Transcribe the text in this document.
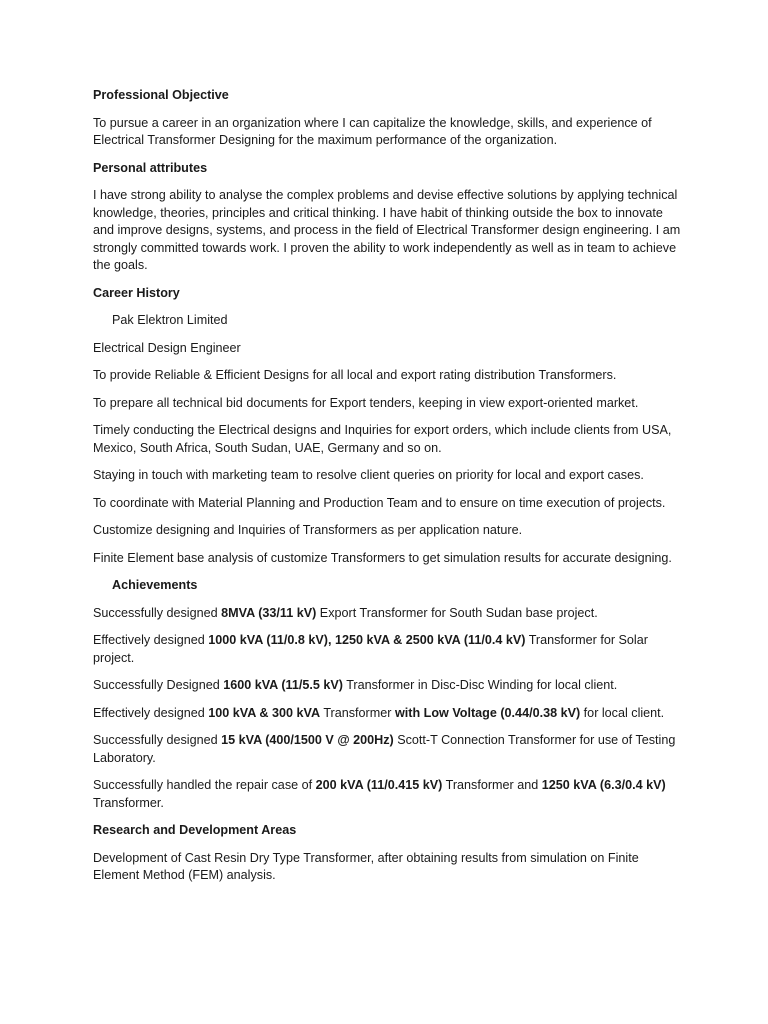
Professional Objective

To pursue a career in an organization where I can capitalize the knowledge, skills, and experience of Electrical Transformer Designing for the maximum performance of the organization.

Personal attributes

I have strong ability to analyse the complex problems and devise effective solutions by applying technical knowledge, theories, principles and critical thinking. I have habit of thinking outside the box to innovate and improve designs, systems, and process in the field of Electrical Transformer design engineering. I am strongly committed towards work. I proven the ability to work independently as well as in team to achieve the goals.

Career History

Pak Elektron Limited

Electrical Design Engineer

To provide Reliable & Efficient Designs for all local and export rating distribution Transformers.

To prepare all technical bid documents for Export tenders, keeping in view export-oriented market.

Timely conducting the Electrical designs and Inquiries for export orders, which include clients from USA, Mexico, South Africa, South Sudan, UAE, Germany and so on.

Staying in touch with marketing team to resolve client queries on priority for local and export cases.

To coordinate with Material Planning and Production Team and to ensure on time execution of projects.

Customize designing and Inquiries of Transformers as per application nature.

Finite Element base analysis of customize Transformers to get simulation results for accurate designing.

Achievements

Successfully designed 8MVA (33/11 kV) Export Transformer for South Sudan base project.

Effectively designed 1000 kVA (11/0.8 kV), 1250 kVA & 2500 kVA (11/0.4 kV) Transformer for Solar project.

Successfully Designed 1600 kVA (11/5.5 kV) Transformer in Disc-Disc Winding for local client.

Effectively designed 100 kVA & 300 kVA Transformer with Low Voltage (0.44/0.38 kV) for local client.

Successfully designed 15 kVA (400/1500 V @ 200Hz) Scott-T Connection Transformer for use of Testing Laboratory.

Successfully handled the repair case of 200 kVA (11/0.415 kV) Transformer and 1250 kVA (6.3/0.4 kV) Transformer.

Research and Development Areas

Development of Cast Resin Dry Type Transformer, after obtaining results from simulation on Finite Element Method (FEM) analysis.
